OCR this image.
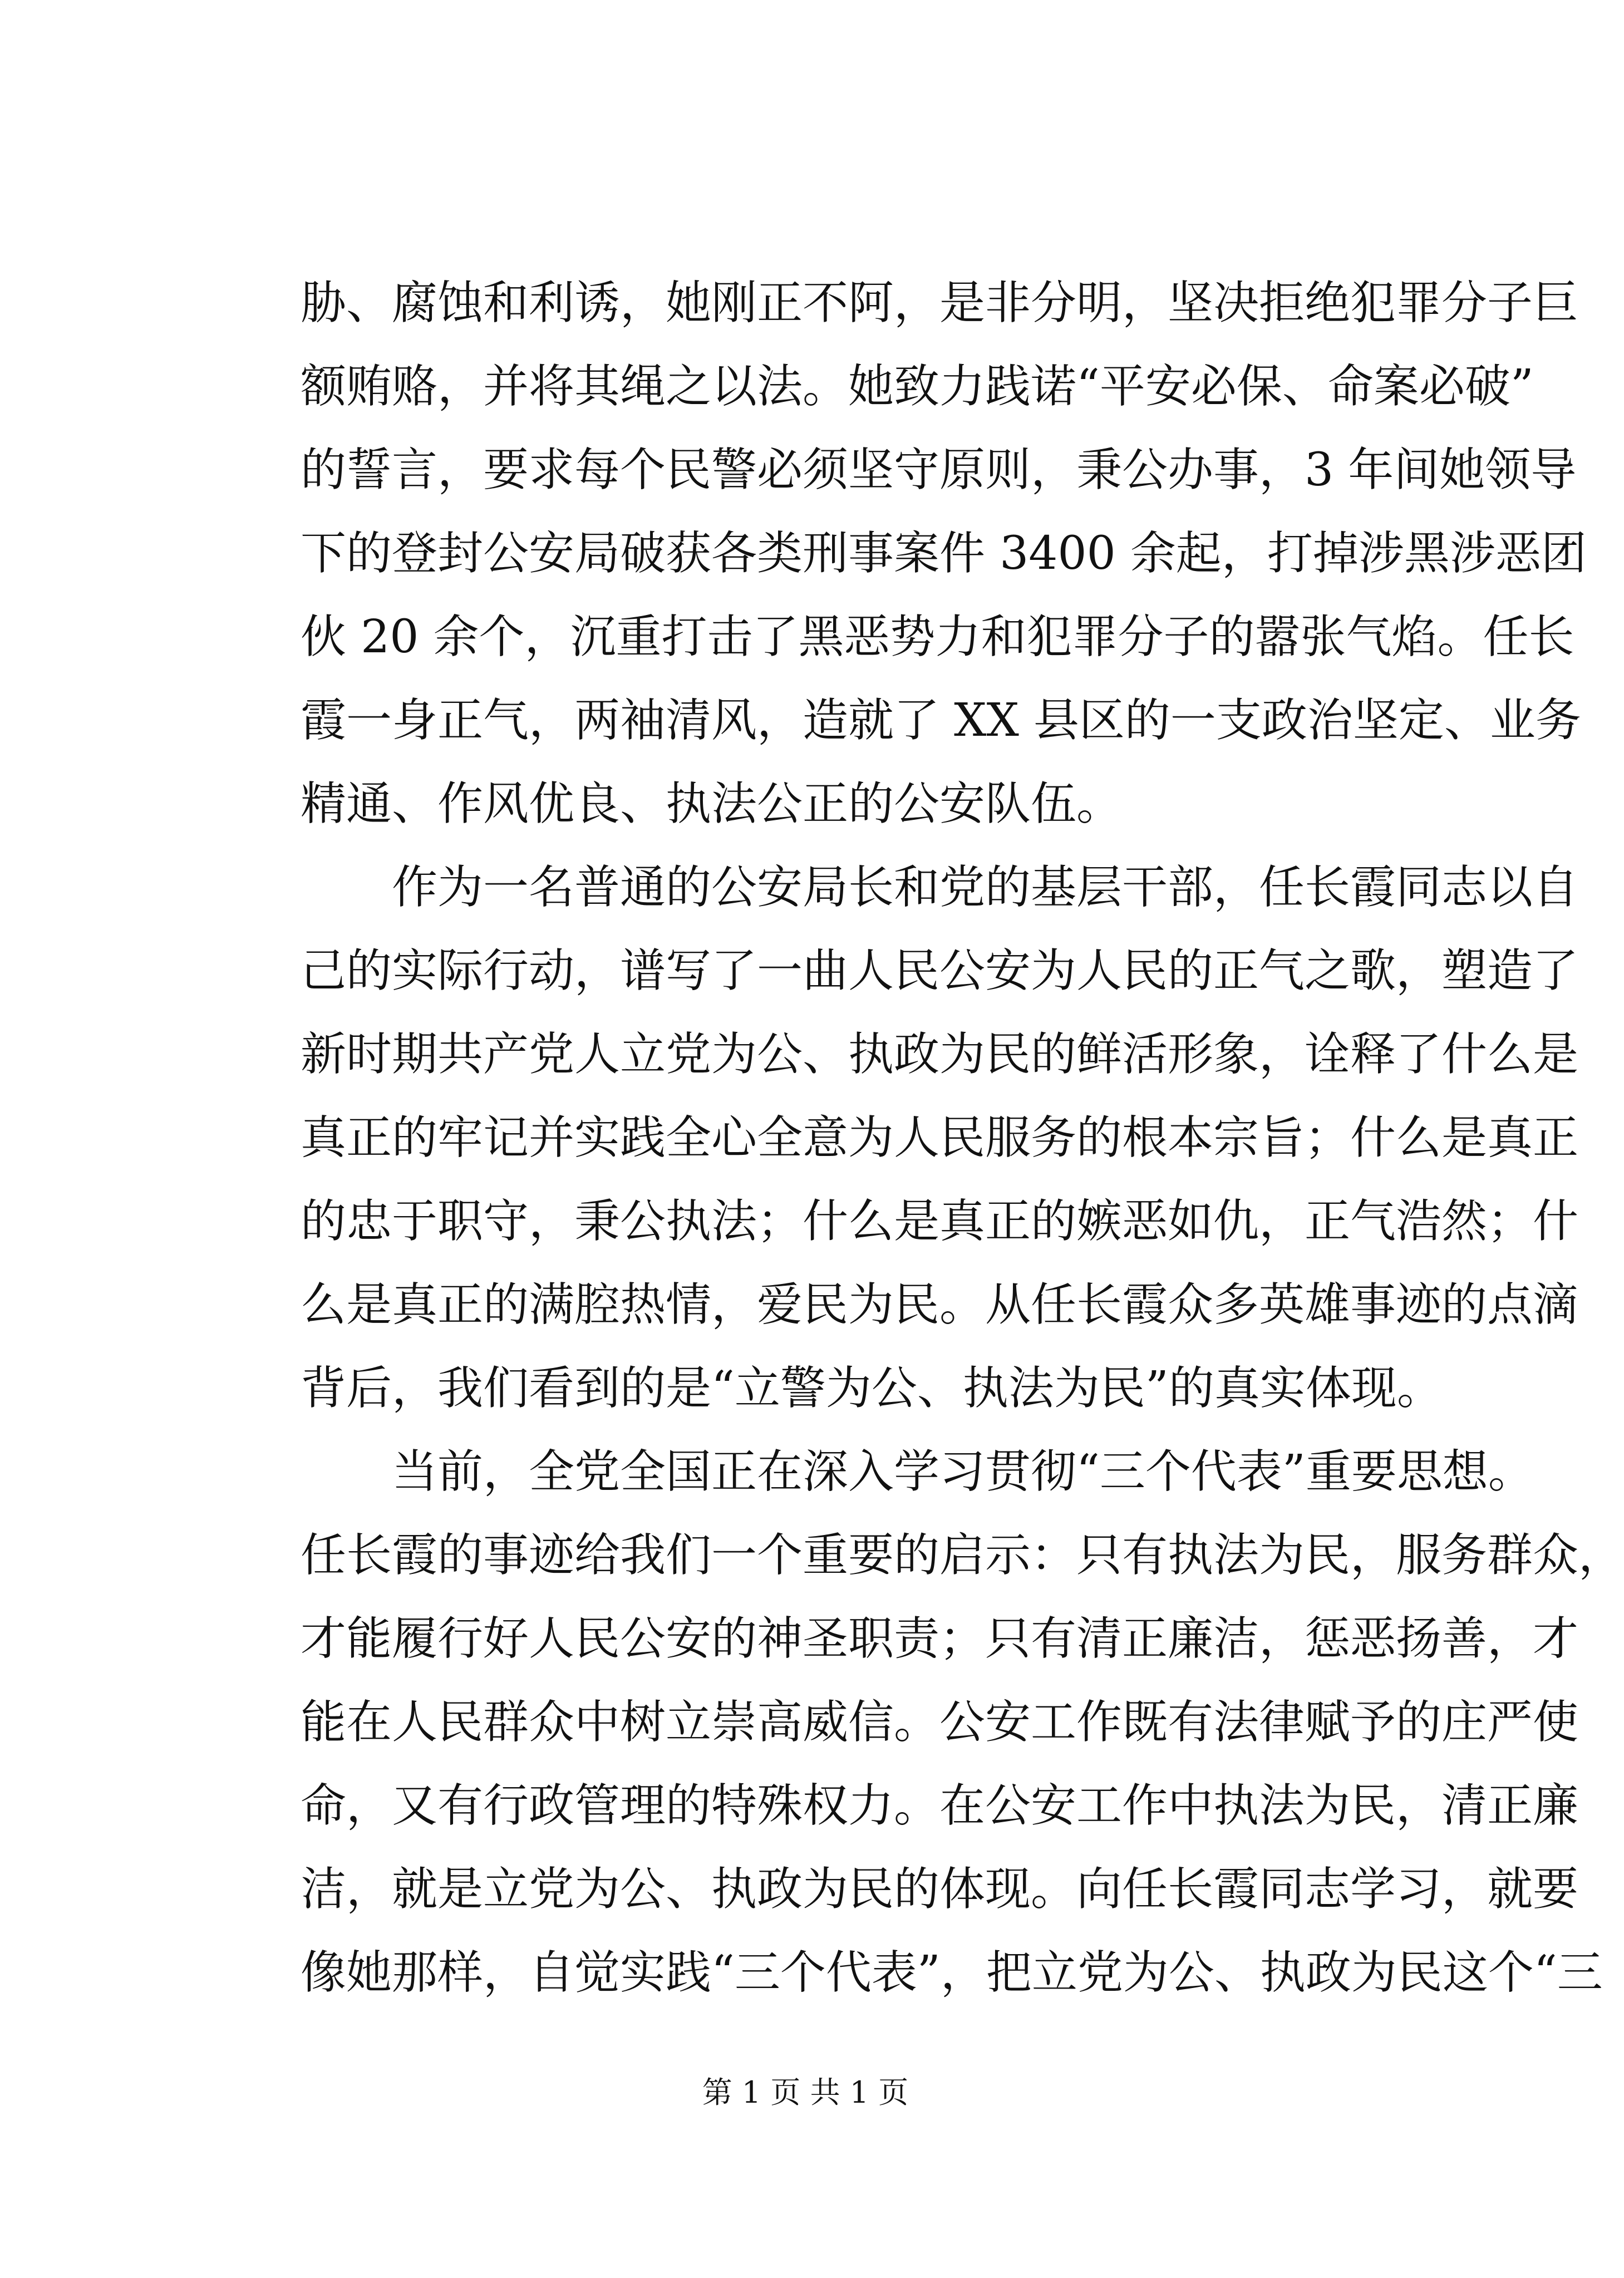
胁、腐蚀和利诱，她刚正不阿，是非分明，坚决拒绝犯罪分子巨
额贿赂，并将其绳之以法。她致力践诺“平安必保、命案必破”
的誓言，要求每个民警必须坚守原则，秉公办事，3 年间她领导
下的登封公安局破获各类刑事案件 3400 余起，打掉涉黑涉恶团
伙 20 余个，沉重打击了黑恶势力和犯罪分子的嚣张气焰。任长
霞一身正气，两袖清风，造就了 XX 县区的一支政治坚定、业务
精通、作风优良、执法公正的公安队伍。
　　作为一名普通的公安局长和党的基层干部，任长霞同志以自
己的实际行动，谱写了一曲人民公安为人民的正气之歌，塑造了
新时期共产党人立党为公、执政为民的鲜活形象，诠释了什么是
真正的牢记并实践全心全意为人民服务的根本宗旨；什么是真正
的忠于职守，秉公执法；什么是真正的嫉恶如仇，正气浩然；什
么是真正的满腔热情，爱民为民。从任长霞众多英雄事迹的点滴
背后，我们看到的是“立警为公、执法为民”的真实体现。
　　当前，全党全国正在深入学习贯彻“三个代表”重要思想。
任长霞的事迹给我们一个重要的启示：只有执法为民，服务群众，
才能履行好人民公安的神圣职责；只有清正廉洁，惩恶扬善，才
能在人民群众中树立崇高威信。公安工作既有法律赋予的庄严使
命，又有行政管理的特殊权力。在公安工作中执法为民，清正廉
洁，就是立党为公、执政为民的体现。向任长霞同志学习，就要
像她那样，自觉实践“三个代表”，把立党为公、执政为民这个“三
第 1 页 共 1 页
